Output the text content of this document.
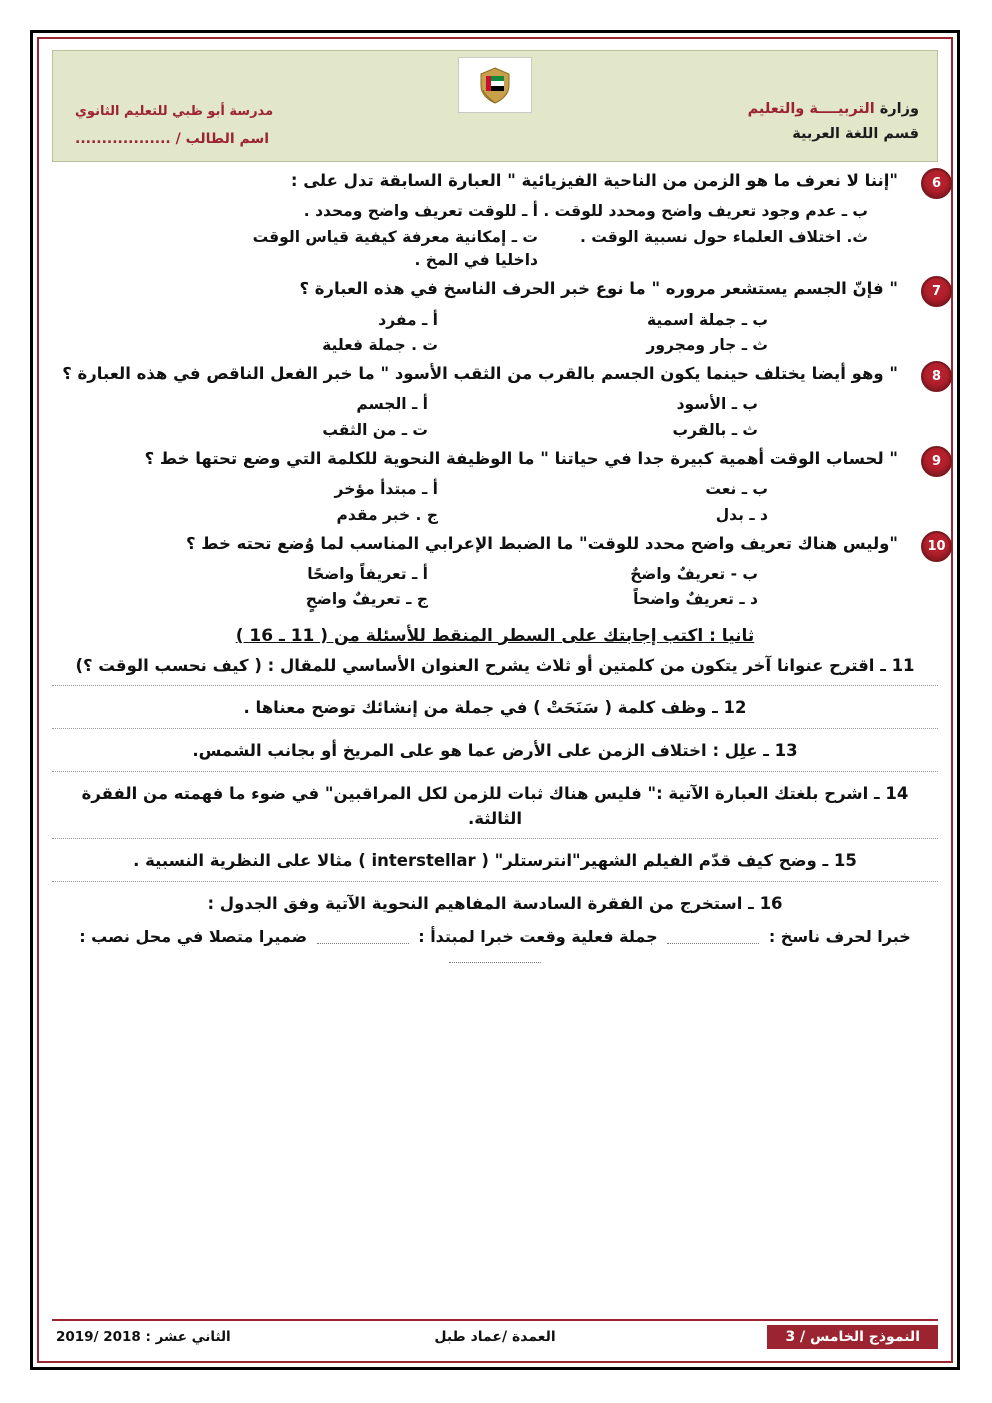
وزارة التربيــــة والتعليم
قسم اللغة العربية
مدرسة أبو ظبي للتعليم الثانوي
اسم الطالب / ..................
6
"إننا لا نعرف ما هو الزمن من الناحية الفيزيائية " العبارة السابقة تدل على :
ب ـ عدم وجود تعريف واضح ومحدد للوقت .
أ ـ للوقت تعريف واضح ومحدد .
ث. اختلاف العلماء حول نسبية الوقت .
ت ـ إمكانية معرفة كيفية قياس الوقت داخليا في المخ .
7
" فإنّ الجسم يستشعر مروره " ما نوع خبر الحرف الناسخ في هذه العبارة ؟
ب ـ جملة اسمية
أ ـ مفرد
ث ـ جار ومجرور
ت . جملة فعلية
8
" وهو أيضا يختلف حينما يكون الجسم بالقرب من الثقب الأسود " ما خبر الفعل الناقص في هذه العبارة ؟
ب ـ الأسود
أ ـ الجسم
ث ـ بالقرب
ت ـ من الثقب
9
" لحساب الوقت أهمية كبيرة جدا في حياتنا " ما الوظيفة النحوية للكلمة التي وضع تحتها خط ؟
ب ـ نعت
أ ـ مبتدأ مؤخر
د ـ بدل
ج . خبر مقدم
10
"وليس هناك تعريف واضح محدد للوقت" ما الضبط الإعرابي المناسب لما وُضع تحته خط ؟
ب - تعريفٌ واضحٌ
أ ـ تعريفاً واضحًا
د ـ تعريفٌ واضحاً
ج ـ تعريفٌ واضحٍ
ثانيا : اكتب إجابتك على السطر المنقط للأسئلة من ( 11 ـ 16 )
11 ـ اقترح عنوانا آخر يتكون من كلمتين أو ثلاث يشرح العنوان الأساسي للمقال : ( كيف نحسب الوقت ؟)
12 ـ وظف كلمة ( سَنَحَتْ ) في جملة من إنشائك توضح معناها .
13 ـ علِل : اختلاف الزمن على الأرض عما هو على المريخ أو بجانب الشمس.
14 ـ اشرح بلغتك العبارة الآتية :" فليس هناك ثبات للزمن لكل المراقبين" في ضوء ما فهمته من الفقرة الثالثة.
15 ـ وضح كيف قدّم الفيلم الشهير"انترستلر" ( interstellar ) مثالا على النظرية النسبية .
16 ـ استخرج من الفقرة السادسة المفاهيم النحوية الآتية وفق الجدول :
خبرا لحرف ناسخ :  جملة فعلية وقعت خبرا لمبتدأ :  ضميرا متصلا في محل نصب :
النموذج الخامس / 3
العمدة /عماد طبل
الثاني عشر : 2018 /2019
